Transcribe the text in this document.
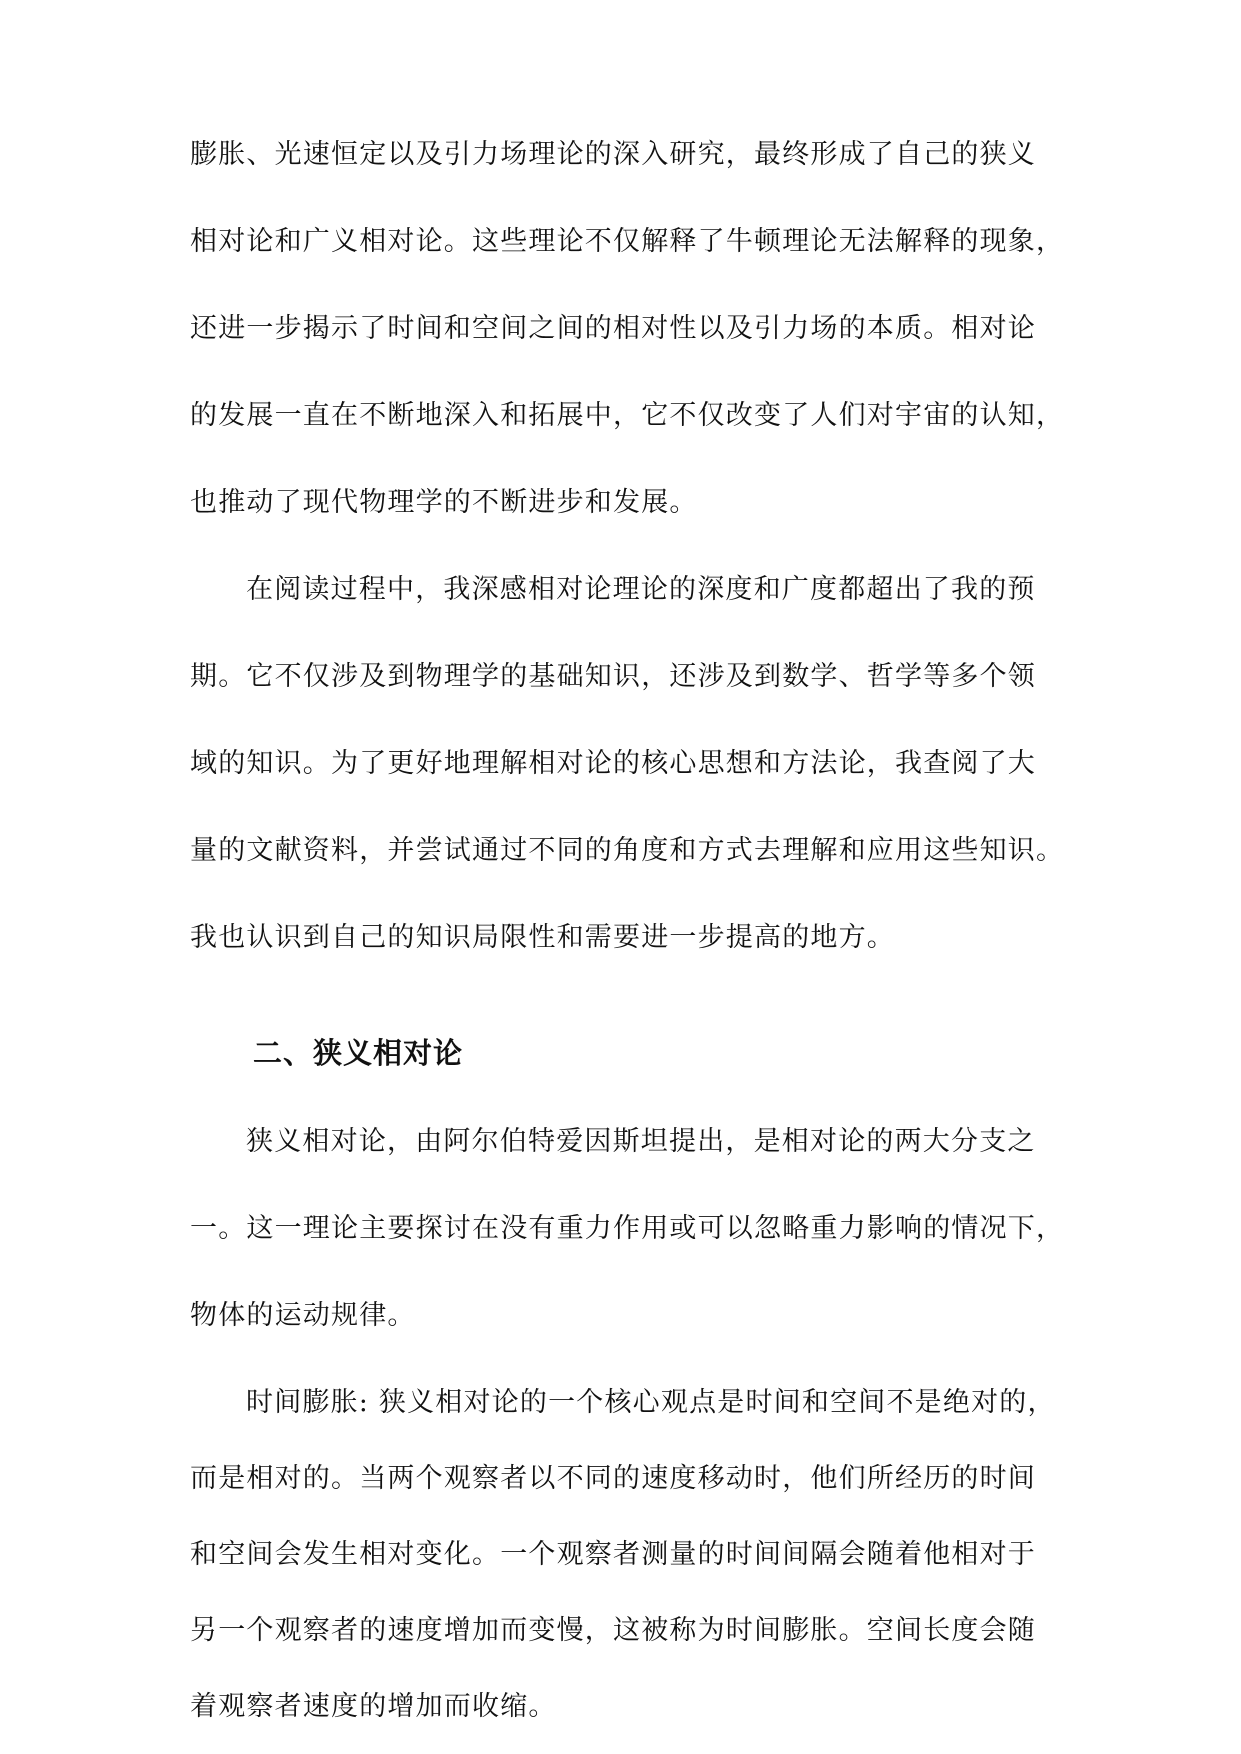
膨胀、光速恒定以及引力场理论的深入研究，最终形成了自己的狭义
相对论和广义相对论。这些理论不仅解释了牛顿理论无法解释的现象，
还进一步揭示了时间和空间之间的相对性以及引力场的本质。相对论
的发展一直在不断地深入和拓展中，它不仅改变了人们对宇宙的认知，
也推动了现代物理学的不断进步和发展。
在阅读过程中，我深感相对论理论的深度和广度都超出了我的预
期。它不仅涉及到物理学的基础知识，还涉及到数学、哲学等多个领
域的知识。为了更好地理解相对论的核心思想和方法论，我查阅了大
量的文献资料，并尝试通过不同的角度和方式去理解和应用这些知识。
我也认识到自己的知识局限性和需要进一步提高的地方。
二、狭义相对论
狭义相对论，由阿尔伯特爱因斯坦提出，是相对论的两大分支之
一。这一理论主要探讨在没有重力作用或可以忽略重力影响的情况下，
物体的运动规律。
时间膨胀: 狭义相对论的一个核心观点是时间和空间不是绝对的，
而是相对的。当两个观察者以不同的速度移动时，他们所经历的时间
和空间会发生相对变化。一个观察者测量的时间间隔会随着他相对于
另一个观察者的速度增加而变慢，这被称为时间膨胀。空间长度会随
着观察者速度的增加而收缩。
